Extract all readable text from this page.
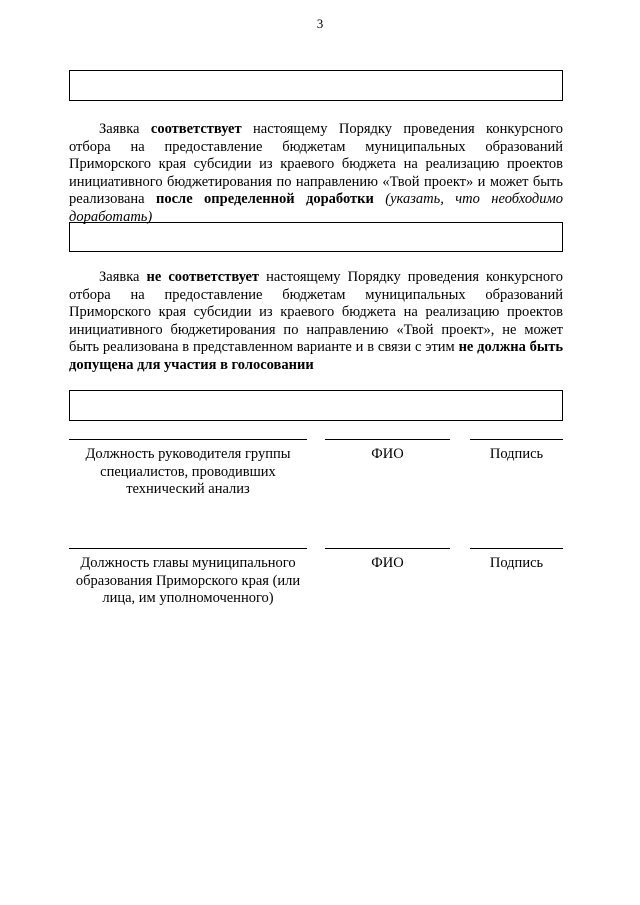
3
Заявка соответствует настоящему Порядку проведения конкурсного отбора на предоставление бюджетам муниципальных образований Приморского края субсидии из краевого бюджета на реализацию проектов инициативного бюджетирования по направлению «Твой проект» и может быть реализована после определенной доработки (указать, что необходимо доработать)
Заявка не соответствует настоящему Порядку проведения конкурсного отбора на предоставление бюджетам муниципальных образований Приморского края субсидии из краевого бюджета на реализацию проектов инициативного бюджетирования по направлению «Твой проект», не может быть реализована в представленном варианте и в связи с этим не должна быть допущена для участия в голосовании
Должность руководителя группы специалистов, проводивших технический анализ
ФИО	Подпись
Должность главы муниципального образования Приморского края (или лица, им уполномоченного)
ФИО	Подпись
